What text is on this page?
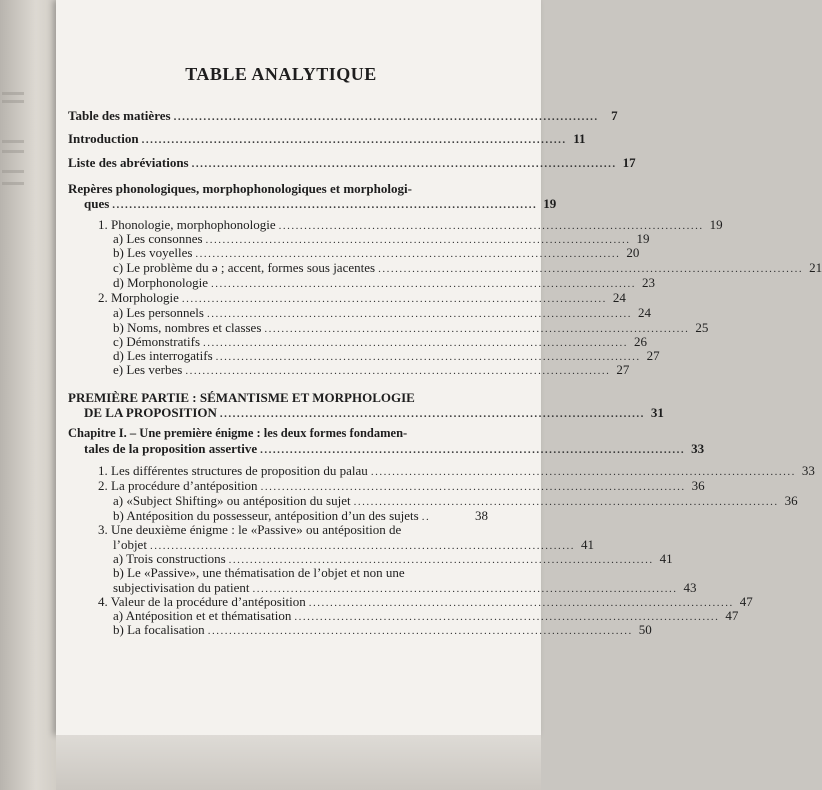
TABLE ANALYTIQUE
Table des matières .................................................................................................... 7
Introduction .................................................................................................... 11
Liste des abréviations .................................................................................................... 17
Repères phonologiques, morphophonologiques et morphologi-
ques .................................................................................................... 19
1. Phonologie, morphophonologie .................................................................................................... 19
a) Les consonnes .................................................................................................... 19
b) Les voyelles .................................................................................................... 20
c) Le problème du ə ; accent, formes sous jacentes .................................................................................................... 21
d) Morphonologie .................................................................................................... 23
2. Morphologie .................................................................................................... 24
a) Les personnels .................................................................................................... 24
b) Noms, nombres et classes .................................................................................................... 25
c) Démonstratifs .................................................................................................... 26
d) Les interrogatifs .................................................................................................... 27
e) Les verbes .................................................................................................... 27
PREMIÈRE PARTIE : SÉMANTISME ET MORPHOLOGIE
DE LA PROPOSITION .................................................................................................... 31
Chapitre I. – Une première énigme : les deux formes fondamen-
tales de la proposition assertive .................................................................................................... 33
1. Les différentes structures de proposition du palau .................................................................................................... 33
2. La procédure d’antéposition .................................................................................................... 36
a) «Subject Shifting» ou antéposition du sujet .................................................................................................... 36
b) Antéposition du possesseur, antéposition d’un des sujets ..	38
3. Une deuxième énigme : le «Passive» ou antéposition de
l’objet .................................................................................................... 41
a) Trois constructions .................................................................................................... 41
b) Le «Passive», une thématisation de l’objet et non une
subjectivisation du patient .................................................................................................... 43
4. Valeur de la procédure d’antéposition .................................................................................................... 47
a) Antéposition et et thématisation .................................................................................................... 47
b) La focalisation .................................................................................................... 50
